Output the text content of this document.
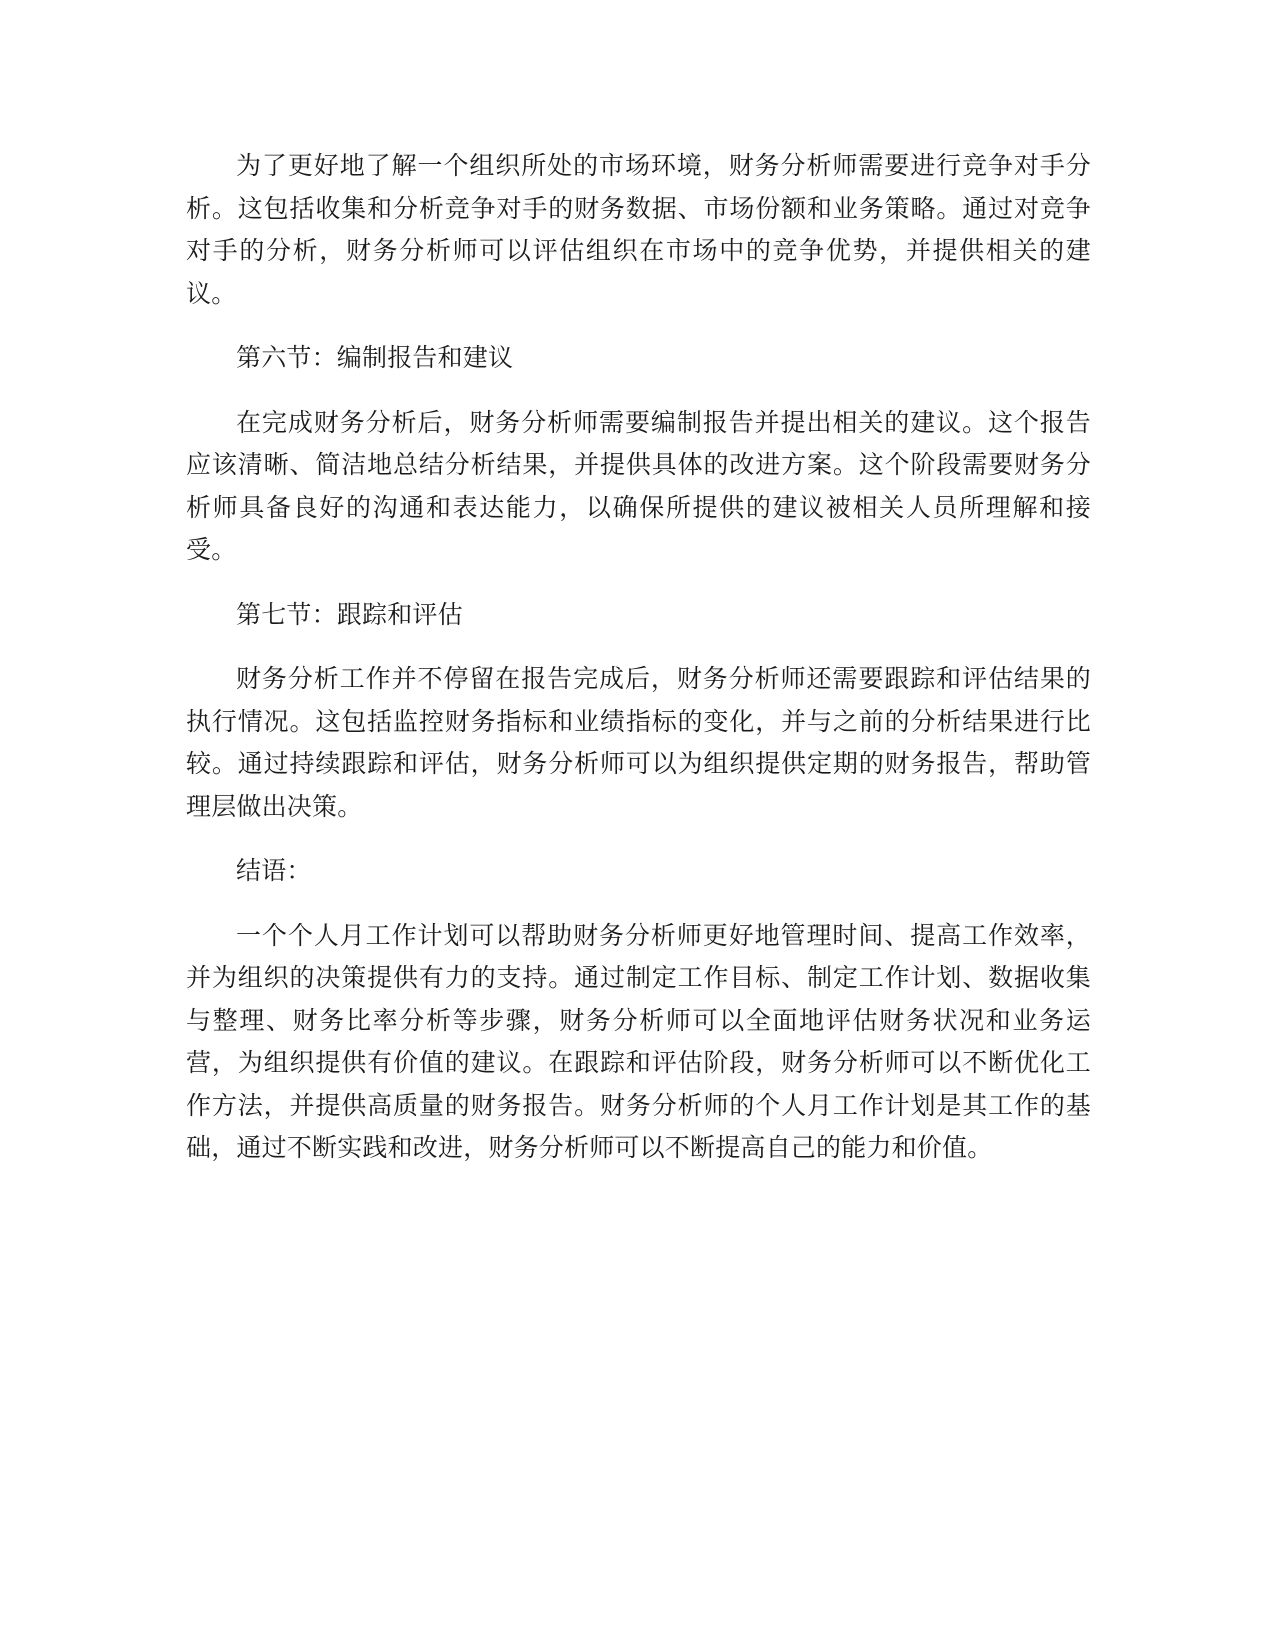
为了更好地了解一个组织所处的市场环境，财务分析师需要进行竞争对手分析。这包括收集和分析竞争对手的财务数据、市场份额和业务策略。通过对竞争对手的分析，财务分析师可以评估组织在市场中的竞争优势，并提供相关的建议。

第六节：编制报告和建议

在完成财务分析后，财务分析师需要编制报告并提出相关的建议。这个报告应该清晰、简洁地总结分析结果，并提供具体的改进方案。这个阶段需要财务分析师具备良好的沟通和表达能力，以确保所提供的建议被相关人员所理解和接受。

第七节：跟踪和评估

财务分析工作并不停留在报告完成后，财务分析师还需要跟踪和评估结果的执行情况。这包括监控财务指标和业绩指标的变化，并与之前的分析结果进行比较。通过持续跟踪和评估，财务分析师可以为组织提供定期的财务报告，帮助管理层做出决策。

结语：

一个个人月工作计划可以帮助财务分析师更好地管理时间、提高工作效率，并为组织的决策提供有力的支持。通过制定工作目标、制定工作计划、数据收集与整理、财务比率分析等步骤，财务分析师可以全面地评估财务状况和业务运营，为组织提供有价值的建议。在跟踪和评估阶段，财务分析师可以不断优化工作方法，并提供高质量的财务报告。财务分析师的个人月工作计划是其工作的基础，通过不断实践和改进，财务分析师可以不断提高自己的能力和价值。
